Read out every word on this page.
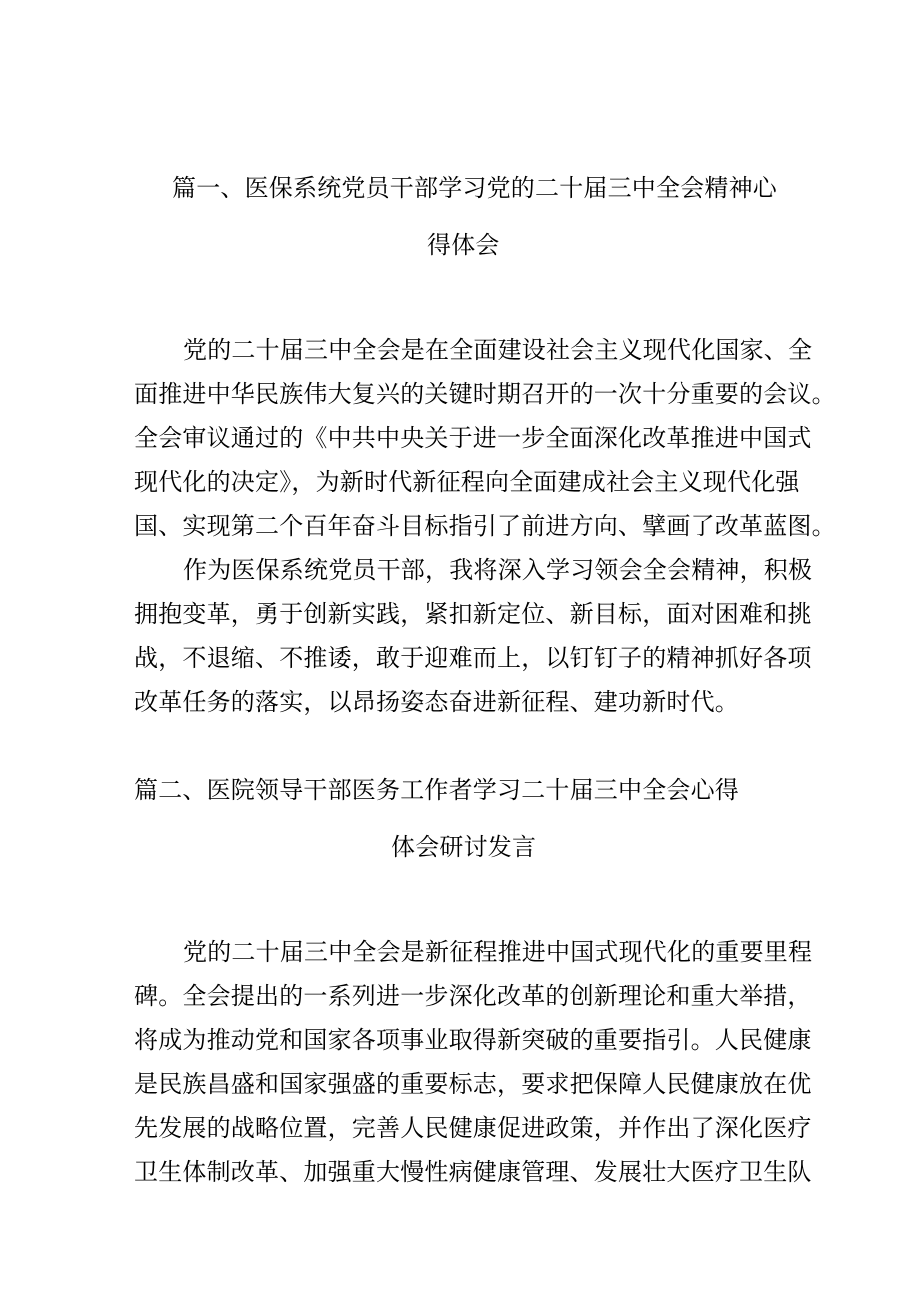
篇一、医保系统党员干部学习党的二十届三中全会精神心
得体会
党的二十届三中全会是在全面建设社会主义现代化国家、全
面推进中华民族伟大复兴的关键时期召开的一次十分重要的会议。
全会审议通过的《中共中央关于进一步全面深化改革推进中国式
现代化的决定》，为新时代新征程向全面建成社会主义现代化强
国、实现第二个百年奋斗目标指引了前进方向、擘画了改革蓝图。
作为医保系统党员干部，我将深入学习领会全会精神，积极
拥抱变革，勇于创新实践，紧扣新定位、新目标，面对困难和挑
战，不退缩、不推诿，敢于迎难而上，以钉钉子的精神抓好各项
改革任务的落实，以昂扬姿态奋进新征程、建功新时代。
篇二、医院领导干部医务工作者学习二十届三中全会心得
体会研讨发言
党的二十届三中全会是新征程推进中国式现代化的重要里程
碑。全会提出的一系列进一步深化改革的创新理论和重大举措，
将成为推动党和国家各项事业取得新突破的重要指引。人民健康
是民族昌盛和国家强盛的重要标志，要求把保障人民健康放在优
先发展的战略位置，完善人民健康促进政策，并作出了深化医疗
卫生体制改革、加强重大慢性病健康管理、发展壮大医疗卫生队
